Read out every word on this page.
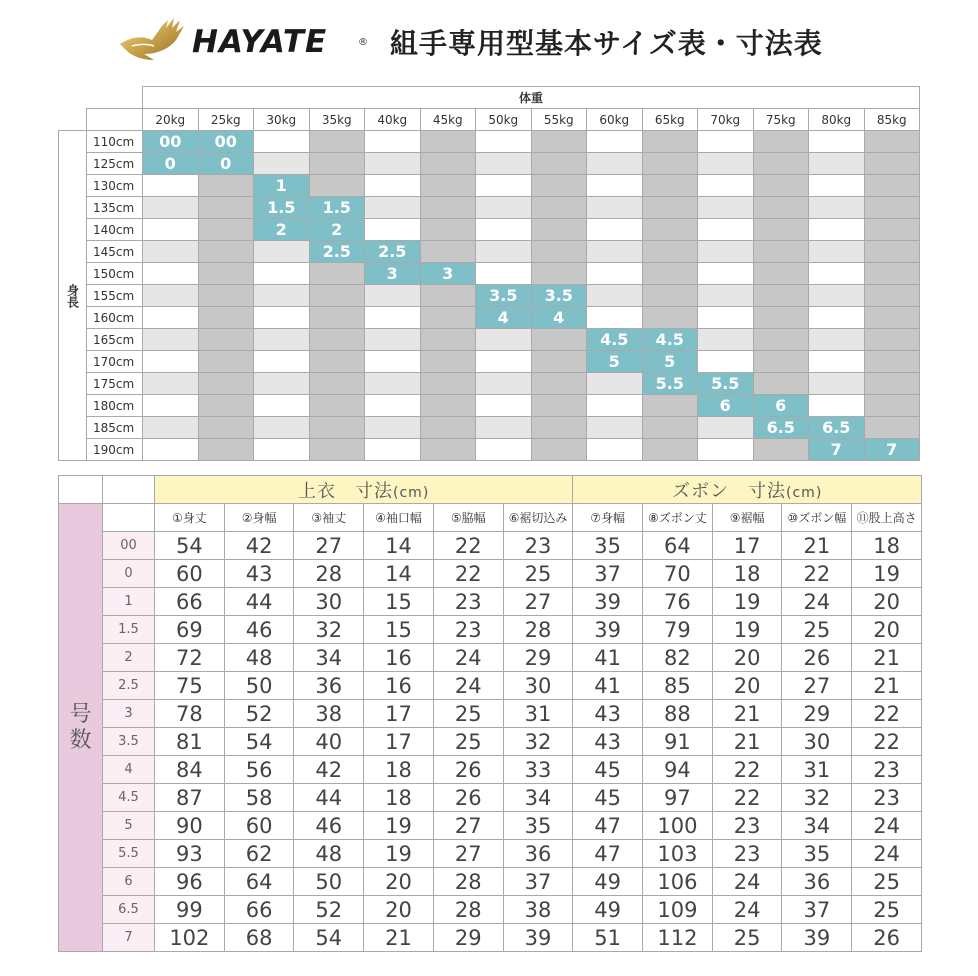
HAYATE	® 組手専用型基本サイズ表・寸法表
		体重													
		20kg	25kg	30kg	35kg	40kg	45kg	50kg	55kg	60kg	65kg	70kg	75kg	80kg	85kg
身長	110cm	00	00												
	125cm	0	0												
	130cm			1											
	135cm			1.5	1.5										
	140cm			2	2										
	145cm				2.5	2.5									
	150cm					3	3								
	155cm							3.5	3.5						
	160cm							4	4						
	165cm									4.5	4.5				
	170cm									5	5				
	175cm										5.5	5.5			
	180cm											6	6		
	185cm												6.5	6.5	
	190cm													7	7
		上衣　寸法(cm)						ズボン　寸法(cm)				
号数		①身丈	②身幅	③袖丈	④袖口幅	⑤脇幅	⑥裾切込み	⑦身幅	⑧ズボン丈	⑨裾幅	⑩ズボン幅	⑪股上高さ
	00	54	42	27	14	22	23	35	64	17	21	18
	0	60	43	28	14	22	25	37	70	18	22	19
	1	66	44	30	15	23	27	39	76	19	24	20
	1.5	69	46	32	15	23	28	39	79	19	25	20
	2	72	48	34	16	24	29	41	82	20	26	21
	2.5	75	50	36	16	24	30	41	85	20	27	21
	3	78	52	38	17	25	31	43	88	21	29	22
	3.5	81	54	40	17	25	32	43	91	21	30	22
	4	84	56	42	18	26	33	45	94	22	31	23
	4.5	87	58	44	18	26	34	45	97	22	32	23
	5	90	60	46	19	27	35	47	100	23	34	24
	5.5	93	62	48	19	27	36	47	103	23	35	24
	6	96	64	50	20	28	37	49	106	24	36	25
	6.5	99	66	52	20	28	38	49	109	24	37	25
	7	102	68	54	21	29	39	51	112	25	39	26
